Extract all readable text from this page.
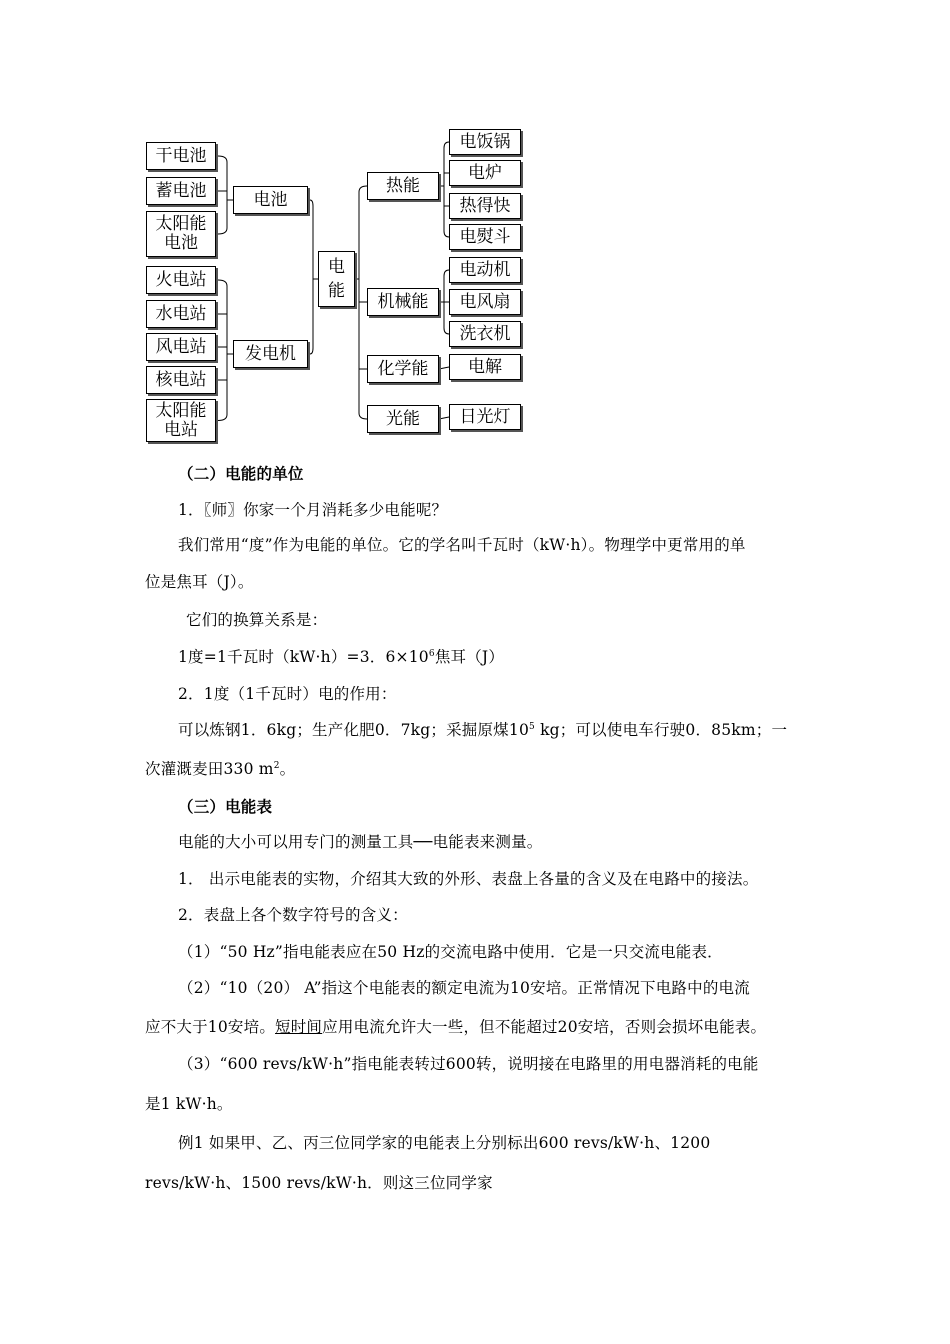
电
能
电池
干电池
蓄电池
太阳能
电池
发电机
火电站
水电站
风电站
核电站
太阳能
电站
热能
电饭锅
电炉
热得快
电熨斗
机械能
电动机
电风扇
洗衣机
化学能	电解
光能	日光灯
（二）电能的单位
1．〖师〗你家一个月消耗多少电能呢？
我们常用“度”作为电能的单位。它的学名叫千瓦时（kW·h）。物理学中更常用的单
位是焦耳（J）。
它们的换算关系是：
1度=1千瓦时（kW·h）=3．$6\times 10^6$焦耳（J）
2．1度（1千瓦时）电的作用：
可以炼钢1．6kg；生产化肥0．7kg；采掘原煤$10^5$ kg；可以使电车行驶0．85km；一
次灌溉麦田330 $m^2$。
（三）电能表
电能的大小可以用专门的测量工具──电能表来测量。
1． 出示电能表的实物，介绍其大致的外形、表盘上各量的含义及在电路中的接法。
2．表盘上各个数字符号的含义：
（1）“50 Hz”指电能表应在50 Hz的交流电路中使用．它是一只交流电能表．
（2）“10（20） A”指这个电能表的额定电流为10安培。正常情况下电路中的电流
应不大于10安培。短时间应用电流允许大一些，但不能超过20安培，否则会损坏电能表。
（3）“600 revs/kW·h”指电能表转过600转，说明接在电路里的用电器消耗的电能
是1 kW·h。
例1 如果甲、乙、丙三位同学家的电能表上分别标出600 revs/kW·h、1200
revs/kW·h、1500 revs/kW·h．则这三位同学家
